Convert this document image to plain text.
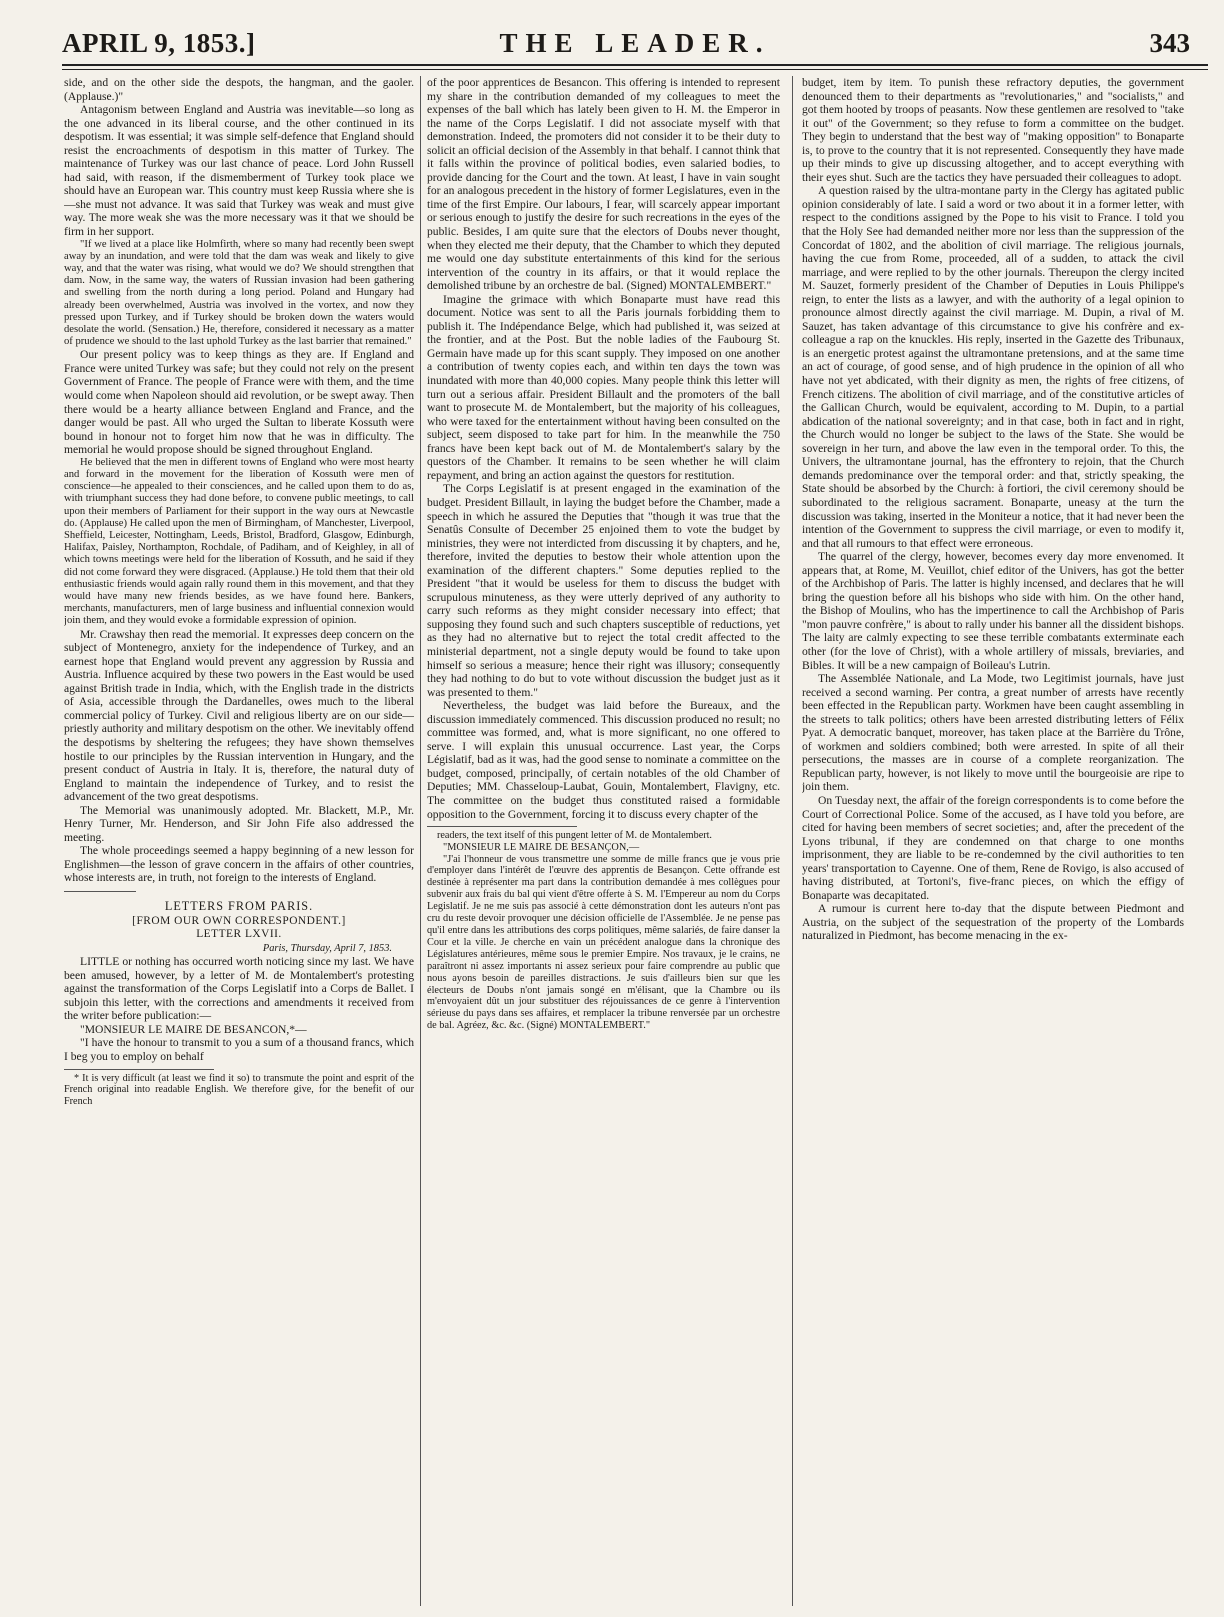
APRIL 9, 1853.]	THE LEADER.	343

side, and on the other side the despots, the hangman, and the gaoler. (Applause.)"

Antagonism between England and Austria was inevitable—so long as the one advanced in its liberal course, and the other continued in its despotism. It was essential; it was simple self-defence that England should resist the encroachments of despotism in this matter of Turkey. The maintenance of Turkey was our last chance of peace. Lord John Russell had said, with reason, if the dismemberment of Turkey took place we should have an European war. This country must keep Russia where she is—she must not advance. It was said that Turkey was weak and must give way. The more weak she was the more necessary was it that we should be firm in her support.

"If we lived at a place like Holmfirth, where so many had recently been swept away by an inundation, and were told that the dam was weak and likely to give way, and that the water was rising, what would we do? We should strengthen that dam. Now, in the same way, the waters of Russian invasion had been gathering and swelling from the north during a long period. Poland and Hungary had already been overwhelmed, Austria was involved in the vortex, and now they pressed upon Turkey, and if Turkey should be broken down the waters would desolate the world. (Sensation.) He, therefore, considered it necessary as a matter of prudence we should to the last uphold Turkey as the last barrier that remained."

Our present policy was to keep things as they are. If England and France were united Turkey was safe; but they could not rely on the present Government of France. The people of France were with them, and the time would come when Napoleon should aid revolution, or be swept away. Then there would be a hearty alliance between England and France, and the danger would be past. All who urged the Sultan to liberate Kossuth were bound in honour not to forget him now that he was in difficulty. The memorial he would propose should be signed throughout England.

He believed that the men in different towns of England who were most hearty and forward in the movement for the liberation of Kossuth were men of conscience—he appealed to their consciences, and he called upon them to do as, with triumphant success they had done before, to convene public meetings, to call upon their members of Parliament for their support in the way ours at Newcastle do. (Applause) He called upon the men of Birmingham, of Manchester, Liverpool, Sheffield, Leicester, Nottingham, Leeds, Bristol, Bradford, Glasgow, Edinburgh, Halifax, Paisley, Northampton, Rochdale, of Padiham, and of Keighley, in all of which towns meetings were held for the liberation of Kossuth, and he said if they did not come forward they were disgraced. (Applause.) He told them that their old enthusiastic friends would again rally round them in this movement, and that they would have many new friends besides, as we have found here. Bankers, merchants, manufacturers, men of large business and influential connexion would join them, and they would evoke a formidable expression of opinion.

Mr. Crawshay then read the memorial. It expresses deep concern on the subject of Montenegro, anxiety for the independence of Turkey, and an earnest hope that England would prevent any aggression by Russia and Austria. Influence acquired by these two powers in the East would be used against British trade in India, which, with the English trade in the districts of Asia, accessible through the Dardanelles, owes much to the liberal commercial policy of Turkey. Civil and religious liberty are on our side—priestly authority and military despotism on the other. We inevitably offend the despotisms by sheltering the refugees; they have shown themselves hostile to our principles by the Russian intervention in Hungary, and the present conduct of Austria in Italy. It is, therefore, the natural duty of England to maintain the independence of Turkey, and to resist the advancement of the two great despotisms.

The Memorial was unanimously adopted. Mr. Blackett, M.P., Mr. Henry Turner, Mr. Henderson, and Sir John Fife also addressed the meeting.

The whole proceedings seemed a happy beginning of a new lesson for Englishmen—the lesson of grave concern in the affairs of other countries, whose interests are, in truth, not foreign to the interests of England.

LETTERS FROM PARIS.

[FROM OUR OWN CORRESPONDENT.]

LETTER LXVII.

Paris, Thursday, April 7, 1853.

LITTLE or nothing has occurred worth noticing since my last. We have been amused, however, by a letter of M. de Montalembert's protesting against the transformation of the Corps Legislatif into a Corps de Ballet. I subjoin this letter, with the corrections and amendments it received from the writer before publication:—

"MONSIEUR LE MAIRE DE BESANCON,*—

"I have the honour to transmit to you a sum of a thousand francs, which I beg you to employ on behalf

* It is very difficult (at least we find it so) to transmute the point and esprit of the French original into readable English. We therefore give, for the benefit of our French

of the poor apprentices de Besancon. This offering is intended to represent my share in the contribution demanded of my colleagues to meet the expenses of the ball which has lately been given to H. M. the Emperor in the name of the Corps Legislatif. I did not associate myself with that demonstration. Indeed, the promoters did not consider it to be their duty to solicit an official decision of the Assembly in that behalf. I cannot think that it falls within the province of political bodies, even salaried bodies, to provide dancing for the Court and the town. At least, I have in vain sought for an analogous precedent in the history of former Legislatures, even in the time of the first Empire. Our labours, I fear, will scarcely appear important or serious enough to justify the desire for such recreations in the eyes of the public. Besides, I am quite sure that the electors of Doubs never thought, when they elected me their deputy, that the Chamber to which they deputed me would one day substitute entertainments of this kind for the serious intervention of the country in its affairs, or that it would replace the demolished tribune by an orchestre de bal. (Signed) MONTALEMBERT."

Imagine the grimace with which Bonaparte must have read this document. Notice was sent to all the Paris journals forbidding them to publish it. The Indépendance Belge, which had published it, was seized at the frontier, and at the Post. But the noble ladies of the Faubourg St. Germain have made up for this scant supply. They imposed on one another a contribution of twenty copies each, and within ten days the town was inundated with more than 40,000 copies. Many people think this letter will turn out a serious affair. President Billault and the promoters of the ball want to prosecute M. de Montalembert, but the majority of his colleagues, who were taxed for the entertainment without having been consulted on the subject, seem disposed to take part for him. In the meanwhile the 750 francs have been kept back out of M. de Montalembert's salary by the questors of the Chamber. It remains to be seen whether he will claim repayment, and bring an action against the questors for restitution.

The Corps Legislatif is at present engaged in the examination of the budget. President Billault, in laying the budget before the Chamber, made a speech in which he assured the Deputies that "though it was true that the Senatûs Consulte of December 25 enjoined them to vote the budget by ministries, they were not interdicted from discussing it by chapters, and he, therefore, invited the deputies to bestow their whole attention upon the examination of the different chapters." Some deputies replied to the President "that it would be useless for them to discuss the budget with scrupulous minuteness, as they were utterly deprived of any authority to carry such reforms as they might consider necessary into effect; that supposing they found such and such chapters susceptible of reductions, yet as they had no alternative but to reject the total credit affected to the ministerial department, not a single deputy would be found to take upon himself so serious a measure; hence their right was illusory; consequently they had nothing to do but to vote without discussion the budget just as it was presented to them."

Nevertheless, the budget was laid before the Bureaux, and the discussion immediately commenced. This discussion produced no result; no committee was formed, and, what is more significant, no one offered to serve. I will explain this unusual occurrence. Last year, the Corps Législatif, bad as it was, had the good sense to nominate a committee on the budget, composed, principally, of certain notables of the old Chamber of Deputies; MM. Chasseloup-Laubat, Gouin, Montalembert, Flavigny, etc. The committee on the budget thus constituted raised a formidable opposition to the Government, forcing it to discuss every chapter of the

readers, the text itself of this pungent letter of M. de Montalembert.

"MONSIEUR LE MAIRE DE BESANÇON,—

"J'ai l'honneur de vous transmettre une somme de mille francs que je vous prie d'employer dans l'intérêt de l'œuvre des apprentis de Besançon. Cette offrande est destinée à représenter ma part dans la contribution demandée à mes collègues pour subvenir aux frais du bal qui vient d'être offerte à S. M. l'Empereur au nom du Corps Legislatif. Je ne me suis pas associé à cette démonstration dont les auteurs n'ont pas cru du reste devoir provoquer une décision officielle de l'Assemblée. Je ne pense pas qu'il entre dans les attributions des corps politiques, même salariés, de faire danser la Cour et la ville. Je cherche en vain un précédent analogue dans la chronique des Législatures antérieures, même sous le premier Empire. Nos travaux, je le crains, ne paraîtront ni assez importants ni assez serieux pour faire comprendre au public que nous ayons besoin de pareilles distractions. Je suis d'ailleurs bien sur que les électeurs de Doubs n'ont jamais songé en m'élisant, que la Chambre ou ils m'envoyaient dût un jour substituer des réjouissances de ce genre à l'intervention sérieuse du pays dans ses affaires, et remplacer la tribune renversée par un orchestre de bal. Agréez, &c. &c. (Signé) MONTALEMBERT."

budget, item by item. To punish these refractory deputies, the government denounced them to their departments as "revolutionaries," and "socialists," and got them hooted by troops of peasants. Now these gentlemen are resolved to "take it out" of the Government; so they refuse to form a committee on the budget. They begin to understand that the best way of "making opposition" to Bonaparte is, to prove to the country that it is not represented. Consequently they have made up their minds to give up discussing altogether, and to accept everything with their eyes shut. Such are the tactics they have persuaded their colleagues to adopt.

A question raised by the ultra-montane party in the Clergy has agitated public opinion considerably of late. I said a word or two about it in a former letter, with respect to the conditions assigned by the Pope to his visit to France. I told you that the Holy See had demanded neither more nor less than the suppression of the Concordat of 1802, and the abolition of civil marriage. The religious journals, having the cue from Rome, proceeded, all of a sudden, to attack the civil marriage, and were replied to by the other journals. Thereupon the clergy incited M. Sauzet, formerly president of the Chamber of Deputies in Louis Philippe's reign, to enter the lists as a lawyer, and with the authority of a legal opinion to pronounce almost directly against the civil marriage. M. Dupin, a rival of M. Sauzet, has taken advantage of this circumstance to give his confrère and ex-colleague a rap on the knuckles. His reply, inserted in the Gazette des Tribunaux, is an energetic protest against the ultramontane pretensions, and at the same time an act of courage, of good sense, and of high prudence in the opinion of all who have not yet abdicated, with their dignity as men, the rights of free citizens, of French citizens. The abolition of civil marriage, and of the constitutive articles of the Gallican Church, would be equivalent, according to M. Dupin, to a partial abdication of the national sovereignty; and in that case, both in fact and in right, the Church would no longer be subject to the laws of the State. She would be sovereign in her turn, and above the law even in the temporal order. To this, the Univers, the ultramontane journal, has the effrontery to rejoin, that the Church demands predominance over the temporal order: and that, strictly speaking, the State should be absorbed by the Church: à fortiori, the civil ceremony should be subordinated to the religious sacrament. Bonaparte, uneasy at the turn the discussion was taking, inserted in the Moniteur a notice, that it had never been the intention of the Government to suppress the civil marriage, or even to modify it, and that all rumours to that effect were erroneous.

The quarrel of the clergy, however, becomes every day more envenomed. It appears that, at Rome, M. Veuillot, chief editor of the Univers, has got the better of the Archbishop of Paris. The latter is highly incensed, and declares that he will bring the question before all his bishops who side with him. On the other hand, the Bishop of Moulins, who has the impertinence to call the Archbishop of Paris "mon pauvre confrère," is about to rally under his banner all the dissident bishops. The laity are calmly expecting to see these terrible combatants exterminate each other (for the love of Christ), with a whole artillery of missals, breviaries, and Bibles. It will be a new campaign of Boileau's Lutrin.

The Assemblée Nationale, and La Mode, two Legitimist journals, have just received a second warning. Per contra, a great number of arrests have recently been effected in the Republican party. Workmen have been caught assembling in the streets to talk politics; others have been arrested distributing letters of Félix Pyat. A democratic banquet, moreover, has taken place at the Barrière du Trône, of workmen and soldiers combined; both were arrested. In spite of all their persecutions, the masses are in course of a complete reorganization. The Republican party, however, is not likely to move until the bourgeoisie are ripe to join them.

On Tuesday next, the affair of the foreign correspondents is to come before the Court of Correctional Police. Some of the accused, as I have told you before, are cited for having been members of secret societies; and, after the precedent of the Lyons tribunal, if they are condemned on that charge to one months imprisonment, they are liable to be re-condemned by the civil authorities to ten years' transportation to Cayenne. One of them, Rene de Rovigo, is also accused of having distributed, at Tortoni's, five-franc pieces, on which the effigy of Bonaparte was decapitated.

A rumour is current here to-day that the dispute between Piedmont and Austria, on the subject of the sequestration of the property of the Lombards naturalized in Piedmont, has become menacing in the ex-
